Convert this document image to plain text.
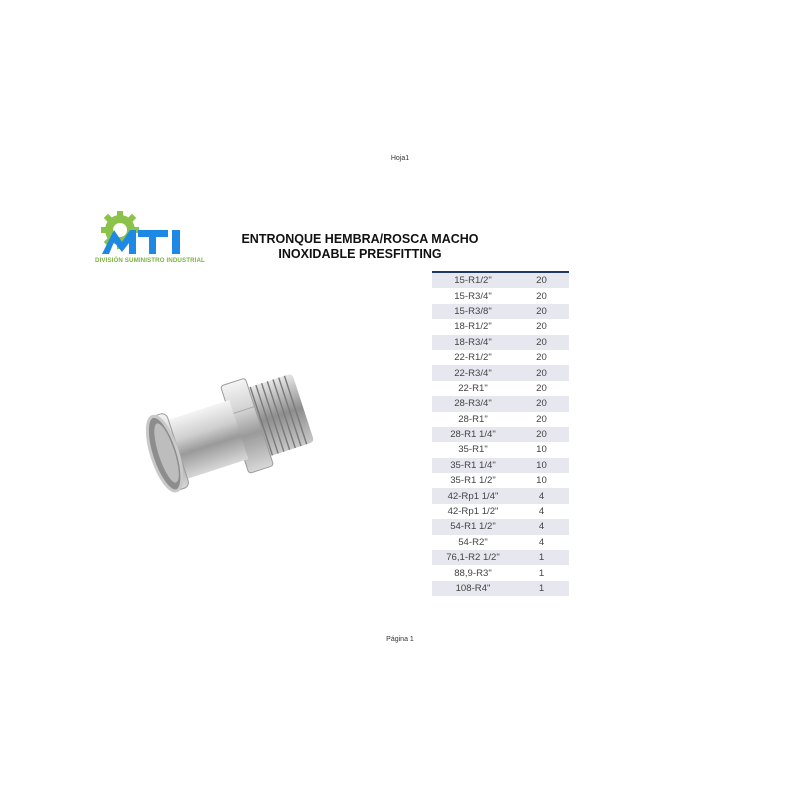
Hoja1
DIVISIÓN SUMINISTRO INDUSTRIAL
ENTRONQUE HEMBRA/ROSCA MACHO
INOXIDABLE PRESFITTING
15-R1/2"	20
15-R3/4"	20
15-R3/8"	20
18-R1/2"	20
18-R3/4"	20
22-R1/2"	20
22-R3/4"	20
22-R1"	20
28-R3/4"	20
28-R1"	20
28-R1 1/4"	20
35-R1"	10
35-R1 1/4"	10
35-R1 1/2"	10
42-Rp1 1/4"	4
42-Rp1 1/2"	4
54-R1 1/2"	4
54-R2"	4
76,1-R2 1/2"	1
88,9-R3"	1
108-R4"	1
Página 1
